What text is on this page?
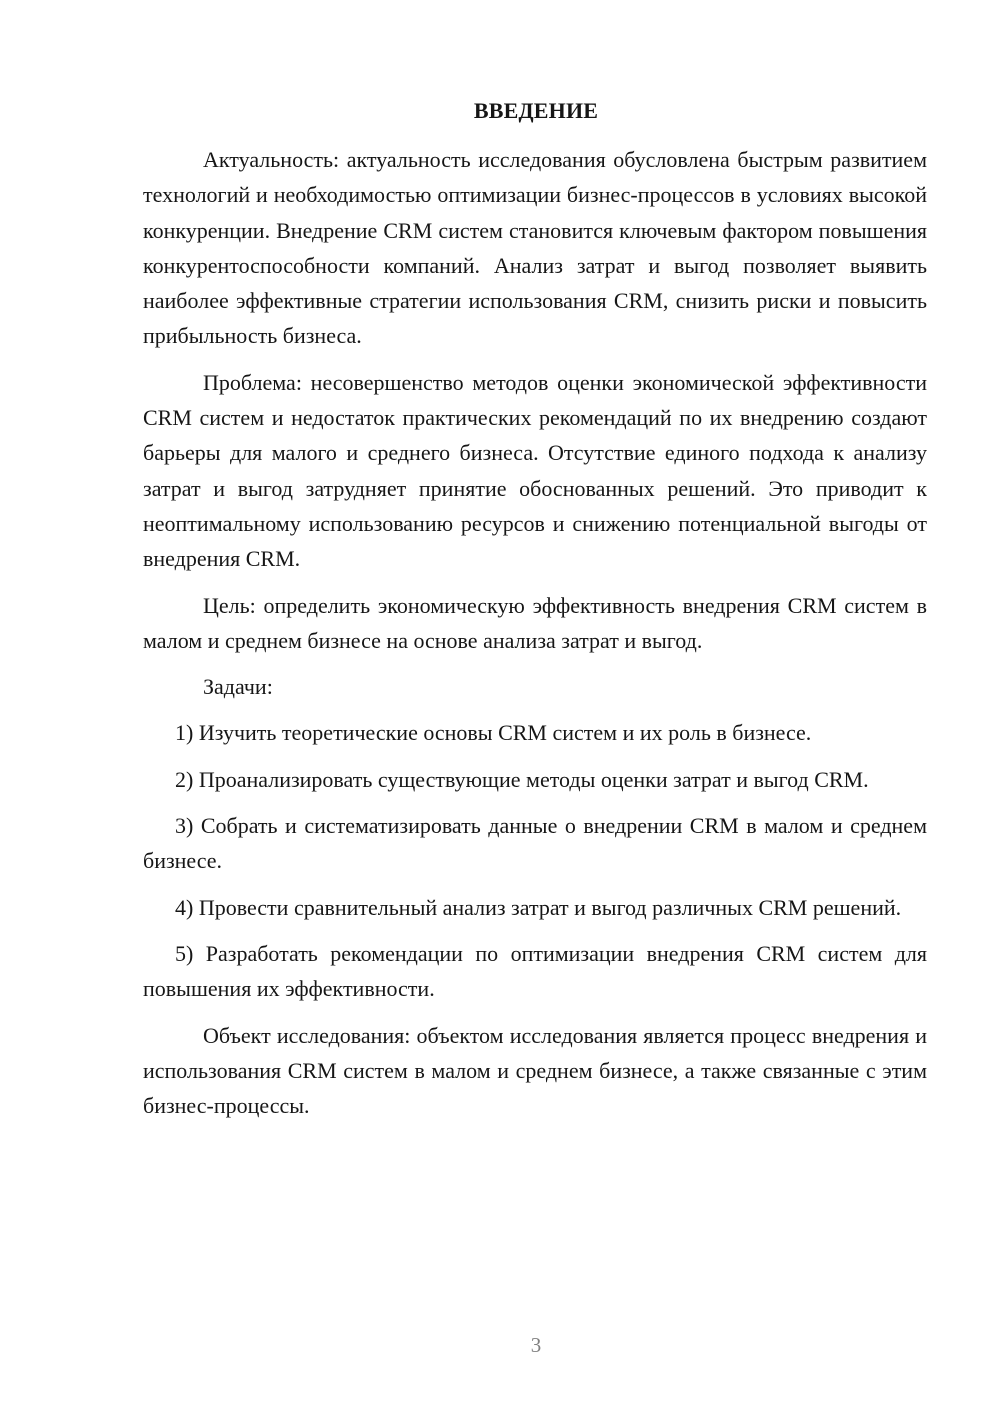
ВВЕДЕНИЕ

Актуальность: актуальность исследования обусловлена быстрым развитием технологий и необходимостью оптимизации бизнес-процессов в условиях высокой конкуренции. Внедрение CRM систем становится ключевым фактором повышения конкурентоспособности компаний. Анализ затрат и выгод позволяет выявить наиболее эффективные стратегии использования CRM, снизить риски и повысить прибыльность бизнеса.

Проблема: несовершенство методов оценки экономической эффективности CRM систем и недостаток практических рекомендаций по их внедрению создают барьеры для малого и среднего бизнеса. Отсутствие единого подхода к анализу затрат и выгод затрудняет принятие обоснованных решений. Это приводит к неоптимальному использованию ресурсов и снижению потенциальной выгоды от внедрения CRM.

Цель: определить экономическую эффективность внедрения CRM систем в малом и среднем бизнесе на основе анализа затрат и выгод.

Задачи:

1) Изучить теоретические основы CRM систем и их роль в бизнесе.

2) Проанализировать существующие методы оценки затрат и выгод CRM.

3) Собрать и систематизировать данные о внедрении CRM в малом и среднем бизнесе.

4) Провести сравнительный анализ затрат и выгод различных CRM решений.

5) Разработать рекомендации по оптимизации внедрения CRM систем для повышения их эффективности.

Объект исследования: объектом исследования является процесс внедрения и использования CRM систем в малом и среднем бизнесе, а также связанные с этим бизнес-процессы.

3
